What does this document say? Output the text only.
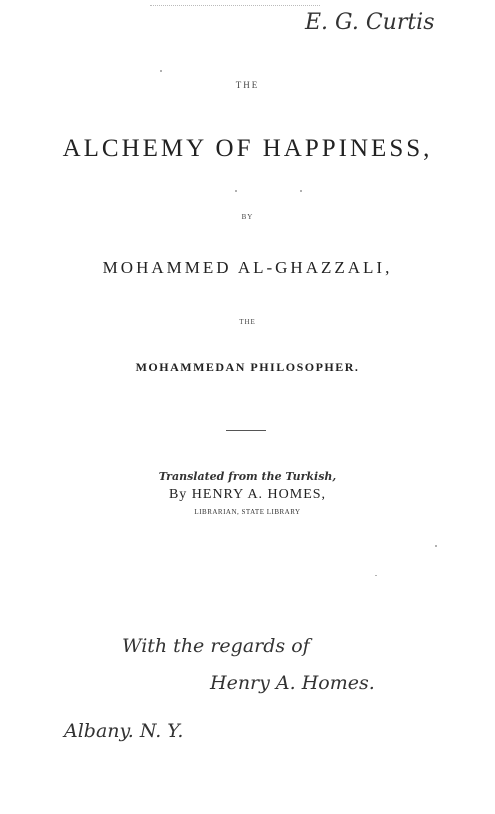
E. G. Curtis
THE
ALCHEMY OF HAPPINESS,
BY
MOHAMMED AL-GHAZZALI,
THE
MOHAMMEDAN PHILOSOPHER.
Translated from the Turkish,
By HENRY A. HOMES,
LIBRARIAN, STATE LIBRARY
With the regards of
Henry A. Homes.
Albany. N. Y.
